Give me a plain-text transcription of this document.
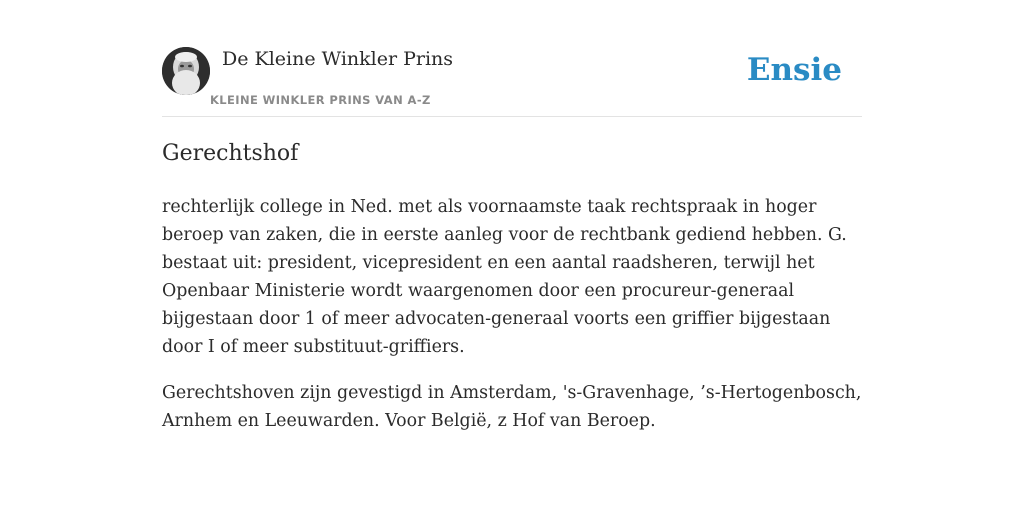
De Kleine Winkler Prins
KLEINE WINKLER PRINS VAN A-Z
Ensie
Gerechtshof

rechterlijk college in Ned. met als voornaamste taak rechtspraak in hoger beroep van zaken, die in eerste aanleg voor de rechtbank gediend hebben. G. bestaat uit: president, vicepresident en een aantal raadsheren, terwijl het Openbaar Ministerie wordt waargenomen door een procureur-generaal bijgestaan door 1 of meer advocaten-generaal voorts een griffier bijgestaan door I of meer substituut-griffiers.

Gerechtshoven zijn gevestigd in Amsterdam, 's-Gravenhage, ’s-Hertogenbosch, Arnhem en Leeuwarden. Voor België, z Hof van Beroep.
